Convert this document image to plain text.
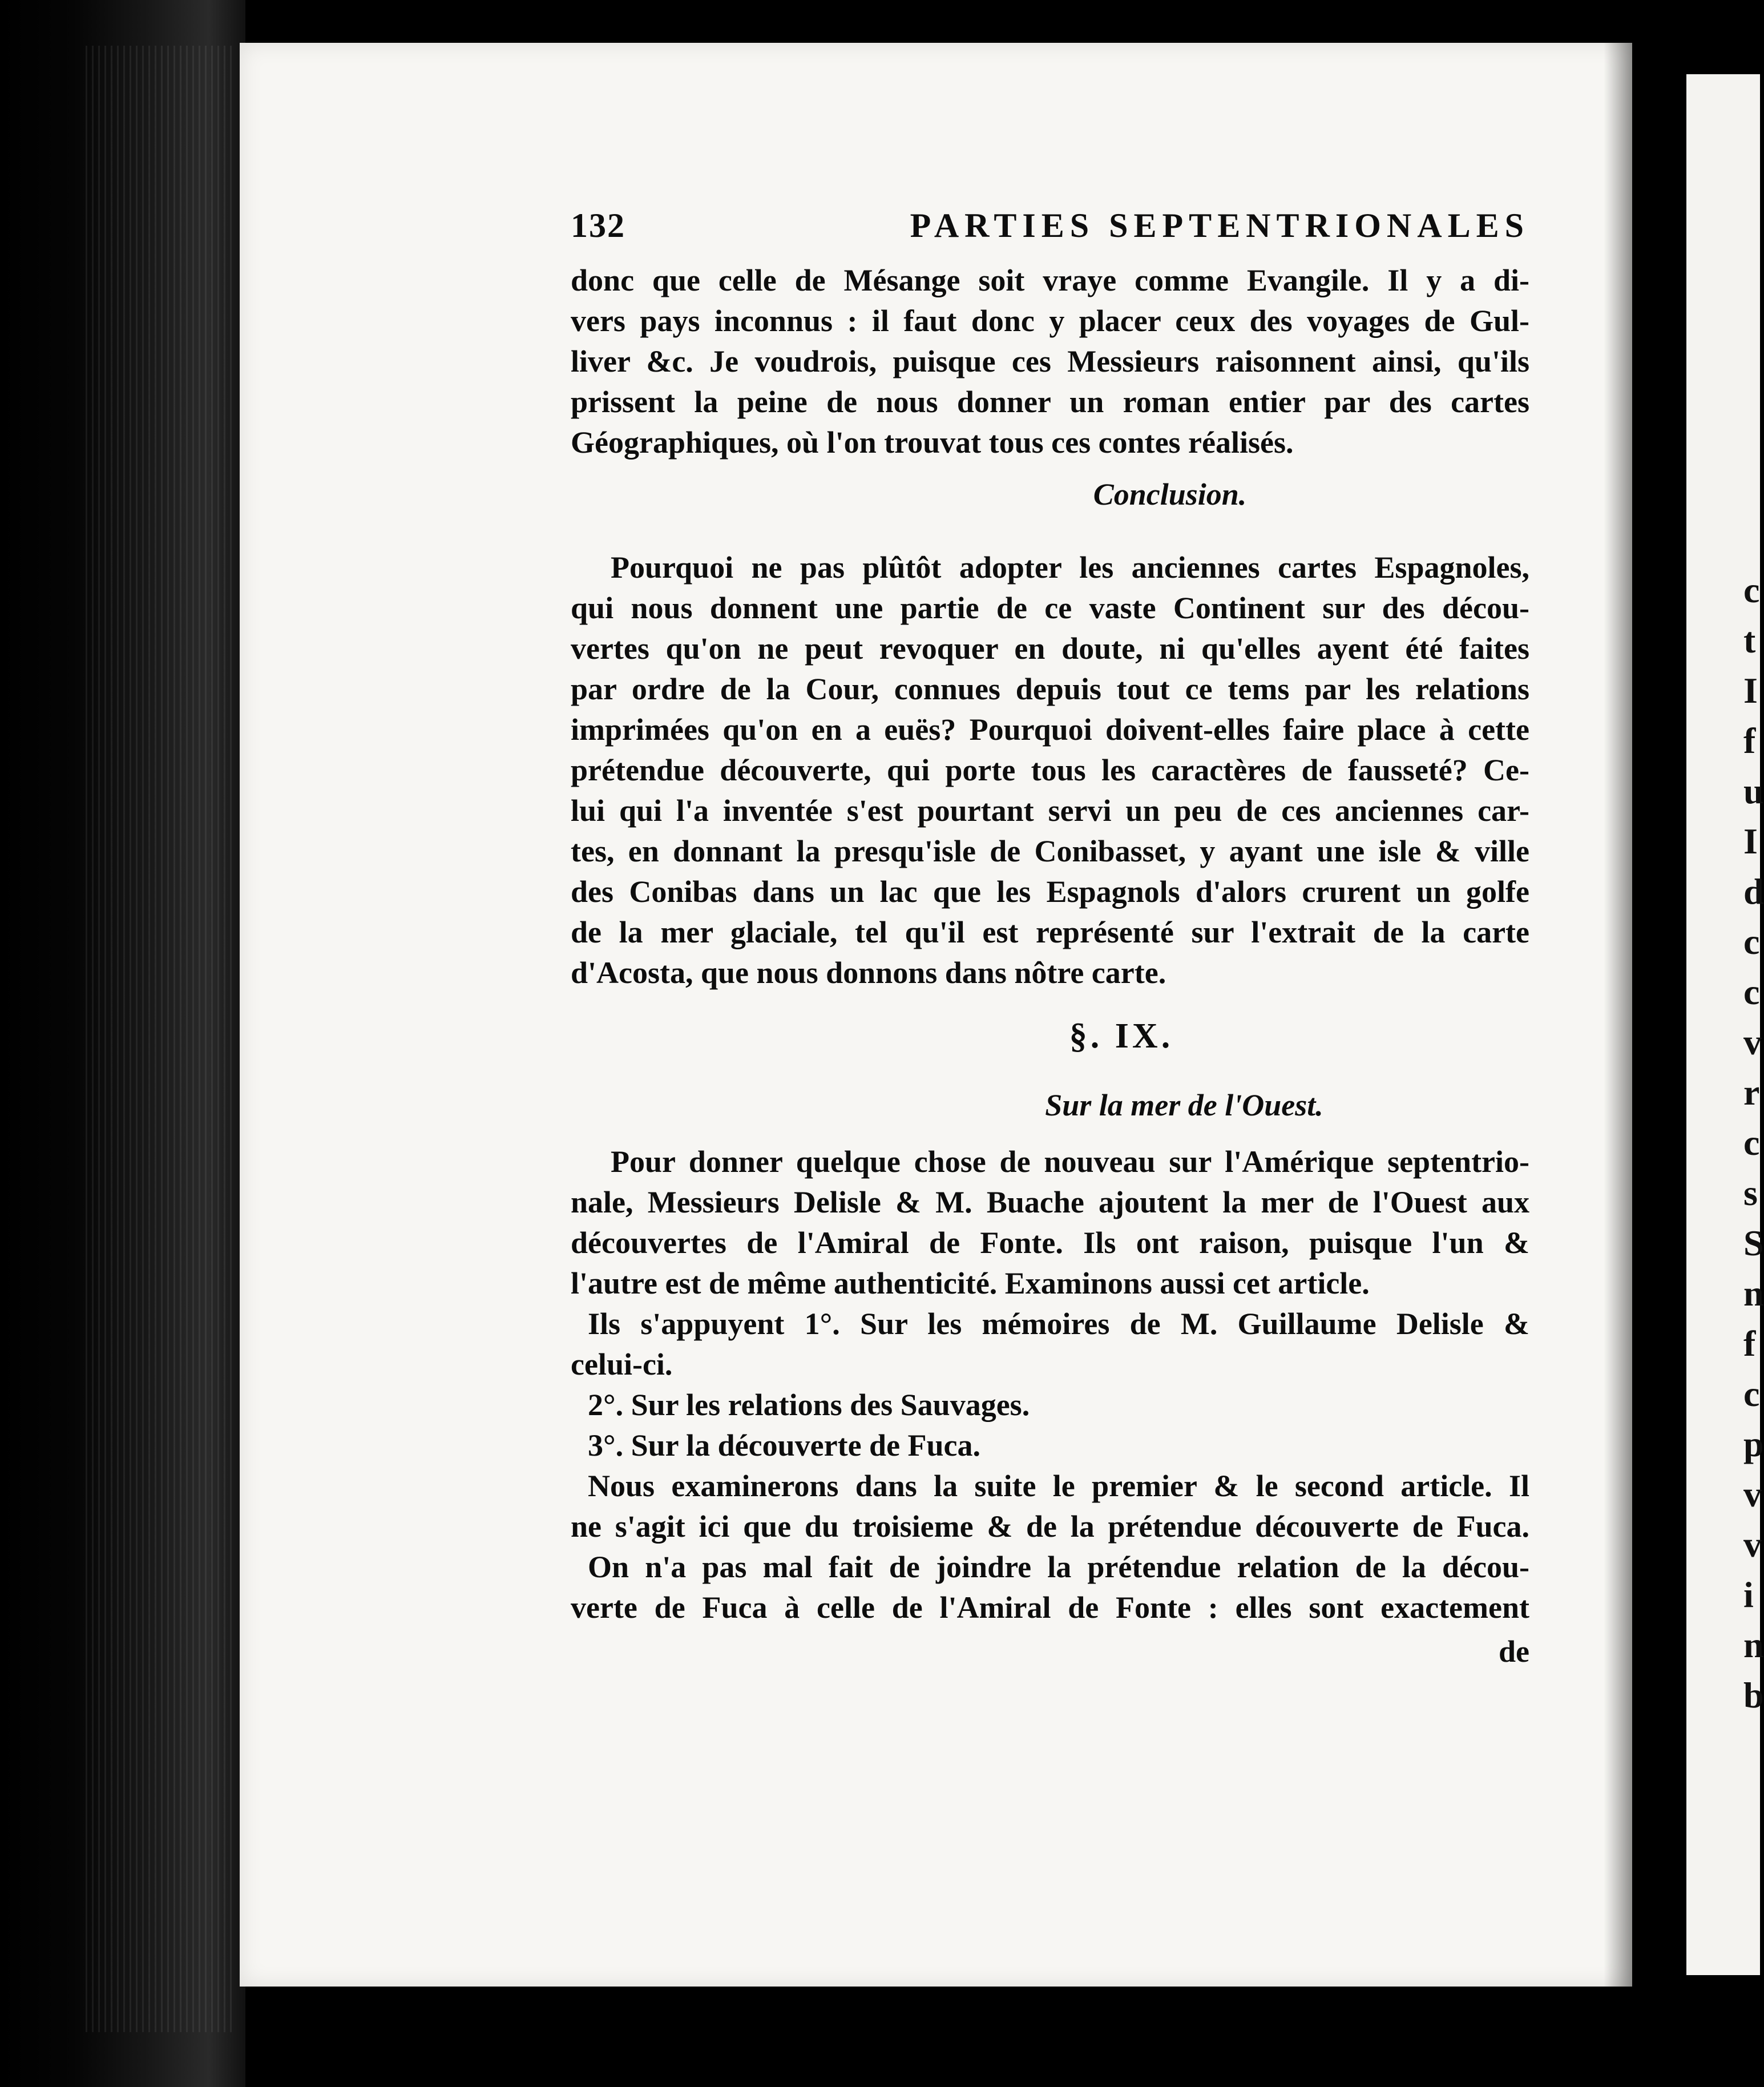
c
t
I
f
u
I
d
c
c
v
r
c
s
S
n
f
c
p
v
v
i
n
b
132	PARTIES SEPTENTRIONALES
donc que celle de Mésange soit vraye comme Evangile. Il y a di-
vers pays inconnus : il faut donc y placer ceux des voyages de Gul-
liver &c. Je voudrois, puisque ces Messieurs raisonnent ainsi, qu'ils
prissent la peine de nous donner un roman entier par des cartes
Géographiques, où l'on trouvat tous ces contes réalisés.
Conclusion.
Pourquoi ne pas plûtôt adopter les anciennes cartes Espagnoles,
qui nous donnent une partie de ce vaste Continent sur des décou-
vertes qu'on ne peut revoquer en doute, ni qu'elles ayent été faites
par ordre de la Cour, connues depuis tout ce tems par les relations
imprimées qu'on en a euës? Pourquoi doivent-elles faire place à cette
prétendue découverte, qui porte tous les caractères de fausseté? Ce-
lui qui l'a inventée s'est pourtant servi un peu de ces anciennes car-
tes, en donnant la presqu'isle de Conibasset, y ayant une isle & ville
des Conibas dans un lac que les Espagnols d'alors crurent un golfe
de la mer glaciale, tel qu'il est représenté sur l'extrait de la carte
d'Acosta, que nous donnons dans nôtre carte.
§. IX.
Sur la mer de l'Ouest.
Pour donner quelque chose de nouveau sur l'Amérique septentrio-
nale, Messieurs Delisle & M. Buache ajoutent la mer de l'Ouest aux
découvertes de l'Amiral de Fonte. Ils ont raison, puisque l'un &
l'autre est de même authenticité. Examinons aussi cet article.
Ils s'appuyent 1°. Sur les mémoires de M. Guillaume Delisle &
celui-ci.
2°. Sur les relations des Sauvages.
3°. Sur la découverte de Fuca.
Nous examinerons dans la suite le premier & le second article. Il
ne s'agit ici que du troisieme & de la prétendue découverte de Fuca.
On n'a pas mal fait de joindre la prétendue relation de la décou-
verte de Fuca à celle de l'Amiral de Fonte : elles sont exactement
de
